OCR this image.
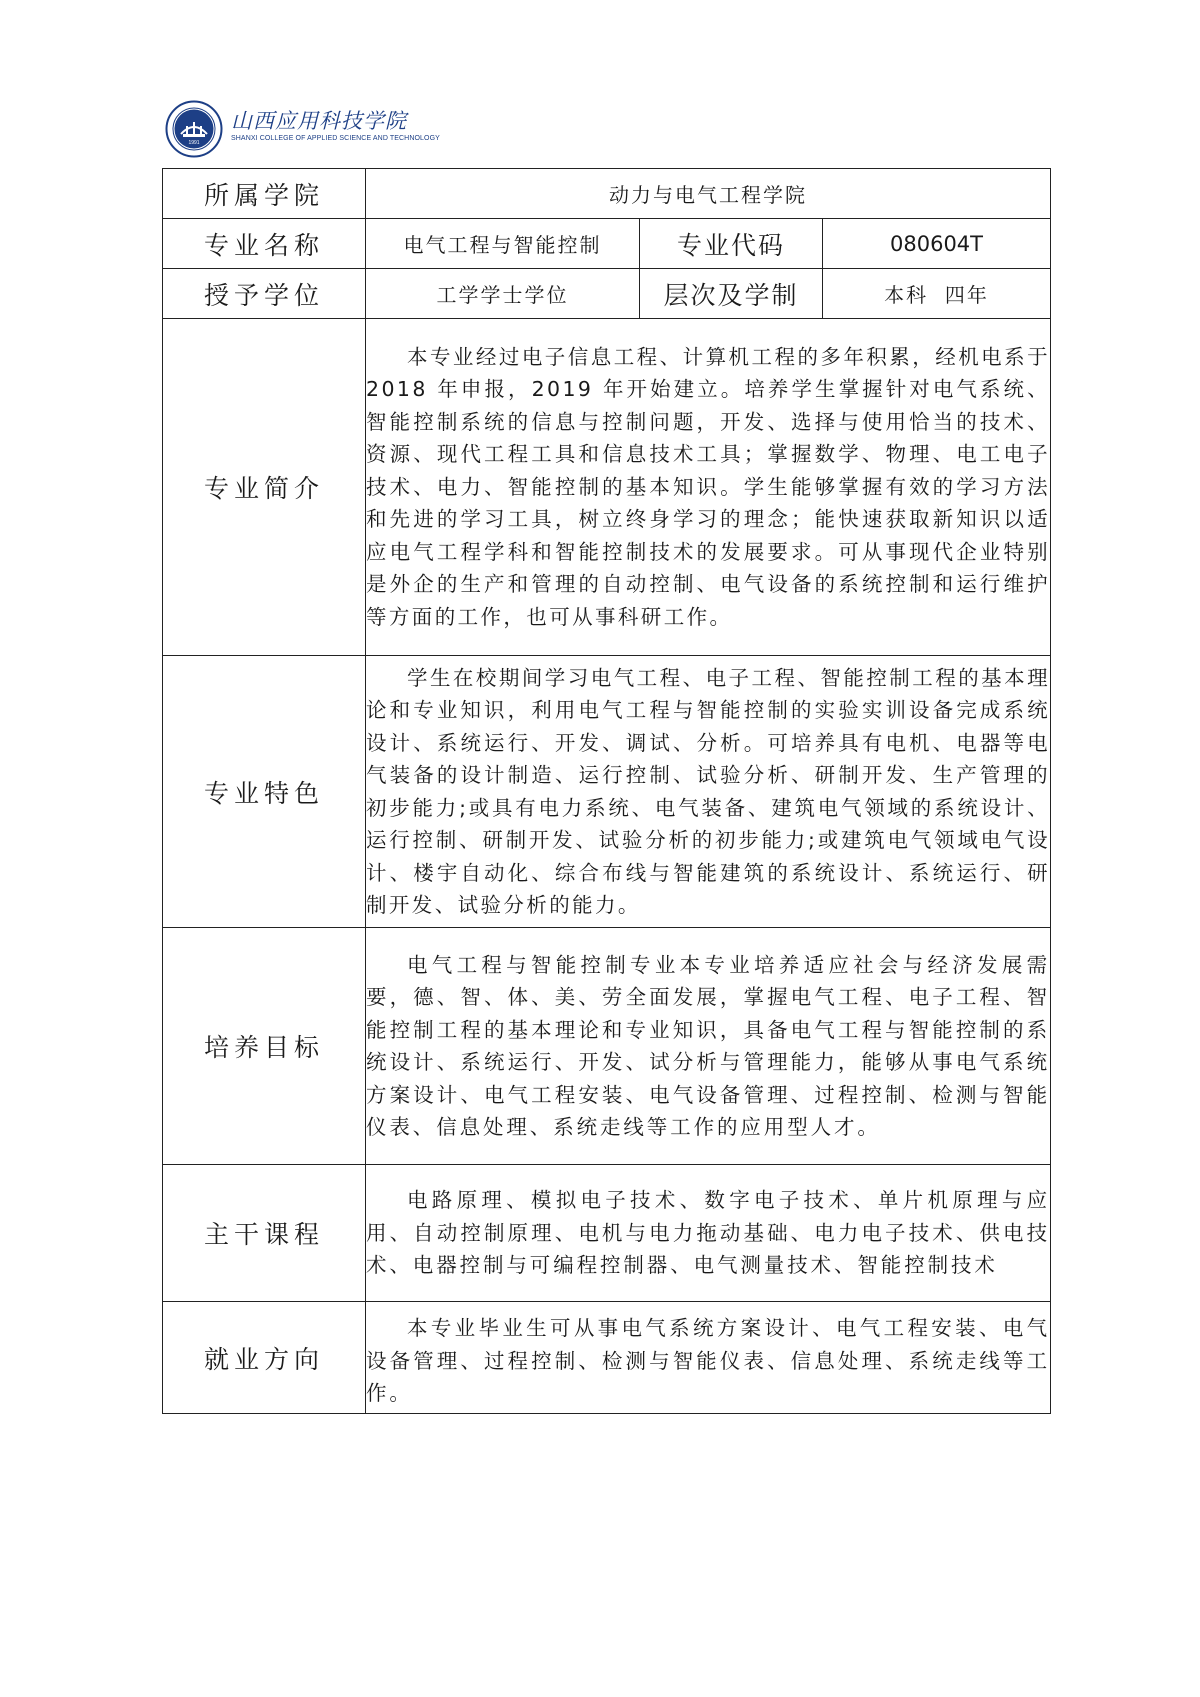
1991
山西应用科技学院
SHANXI COLLEGE OF APPLIED SCIENCE AND TECHNOLOGY
所属学院	动力与电气工程学院		
专业名称	电气工程与智能控制	专业代码	080604T
授予学位	工学学士学位	层次及学制	本科  四年
专业简介	本专业经过电子信息工程、计算机工程的多年积累，经机电系于 2018 年申报，2019 年开始建立。培养学生掌握针对电气系统、智能控制系统的信息与控制问题，开发、选择与使用恰当的技术、资源、现代工程工具和信息技术工具；掌握数学、物理、电工电子技术、电力、智能控制的基本知识。学生能够掌握有效的学习方法和先进的学习工具，树立终身学习的理念；能快速获取新知识以适应电气工程学科和智能控制技术的发展要求。可从事现代企业特别是外企的生产和管理的自动控制、电气设备的系统控制和运行维护等方面的工作，也可从事科研工作。		
专业特色	学生在校期间学习电气工程、电子工程、智能控制工程的基本理论和专业知识，利用电气工程与智能控制的实验实训设备完成系统设计、系统运行、开发、调试、分析。可培养具有电机、电器等电气装备的设计制造、运行控制、试验分析、研制开发、生产管理的初步能力;或具有电力系统、电气装备、建筑电气领域的系统设计、运行控制、研制开发、试验分析的初步能力;或建筑电气领域电气设计、楼宇自动化、综合布线与智能建筑的系统设计、系统运行、研制开发、试验分析的能力。		
培养目标	电气工程与智能控制专业本专业培养适应社会与经济发展需要，德、智、体、美、劳全面发展，掌握电气工程、电子工程、智能控制工程的基本理论和专业知识，具备电气工程与智能控制的系统设计、系统运行、开发、试分析与管理能力，能够从事电气系统方案设计、电气工程安装、电气设备管理、过程控制、检测与智能仪表、信息处理、系统走线等工作的应用型人才。		
主干课程	电路原理、模拟电子技术、数字电子技术、单片机原理与应用、自动控制原理、电机与电力拖动基础、电力电子技术、供电技术、电器控制与可编程控制器、电气测量技术、智能控制技术		
就业方向	本专业毕业生可从事电气系统方案设计、电气工程安装、电气设备管理、过程控制、检测与智能仪表、信息处理、系统走线等工作。		
